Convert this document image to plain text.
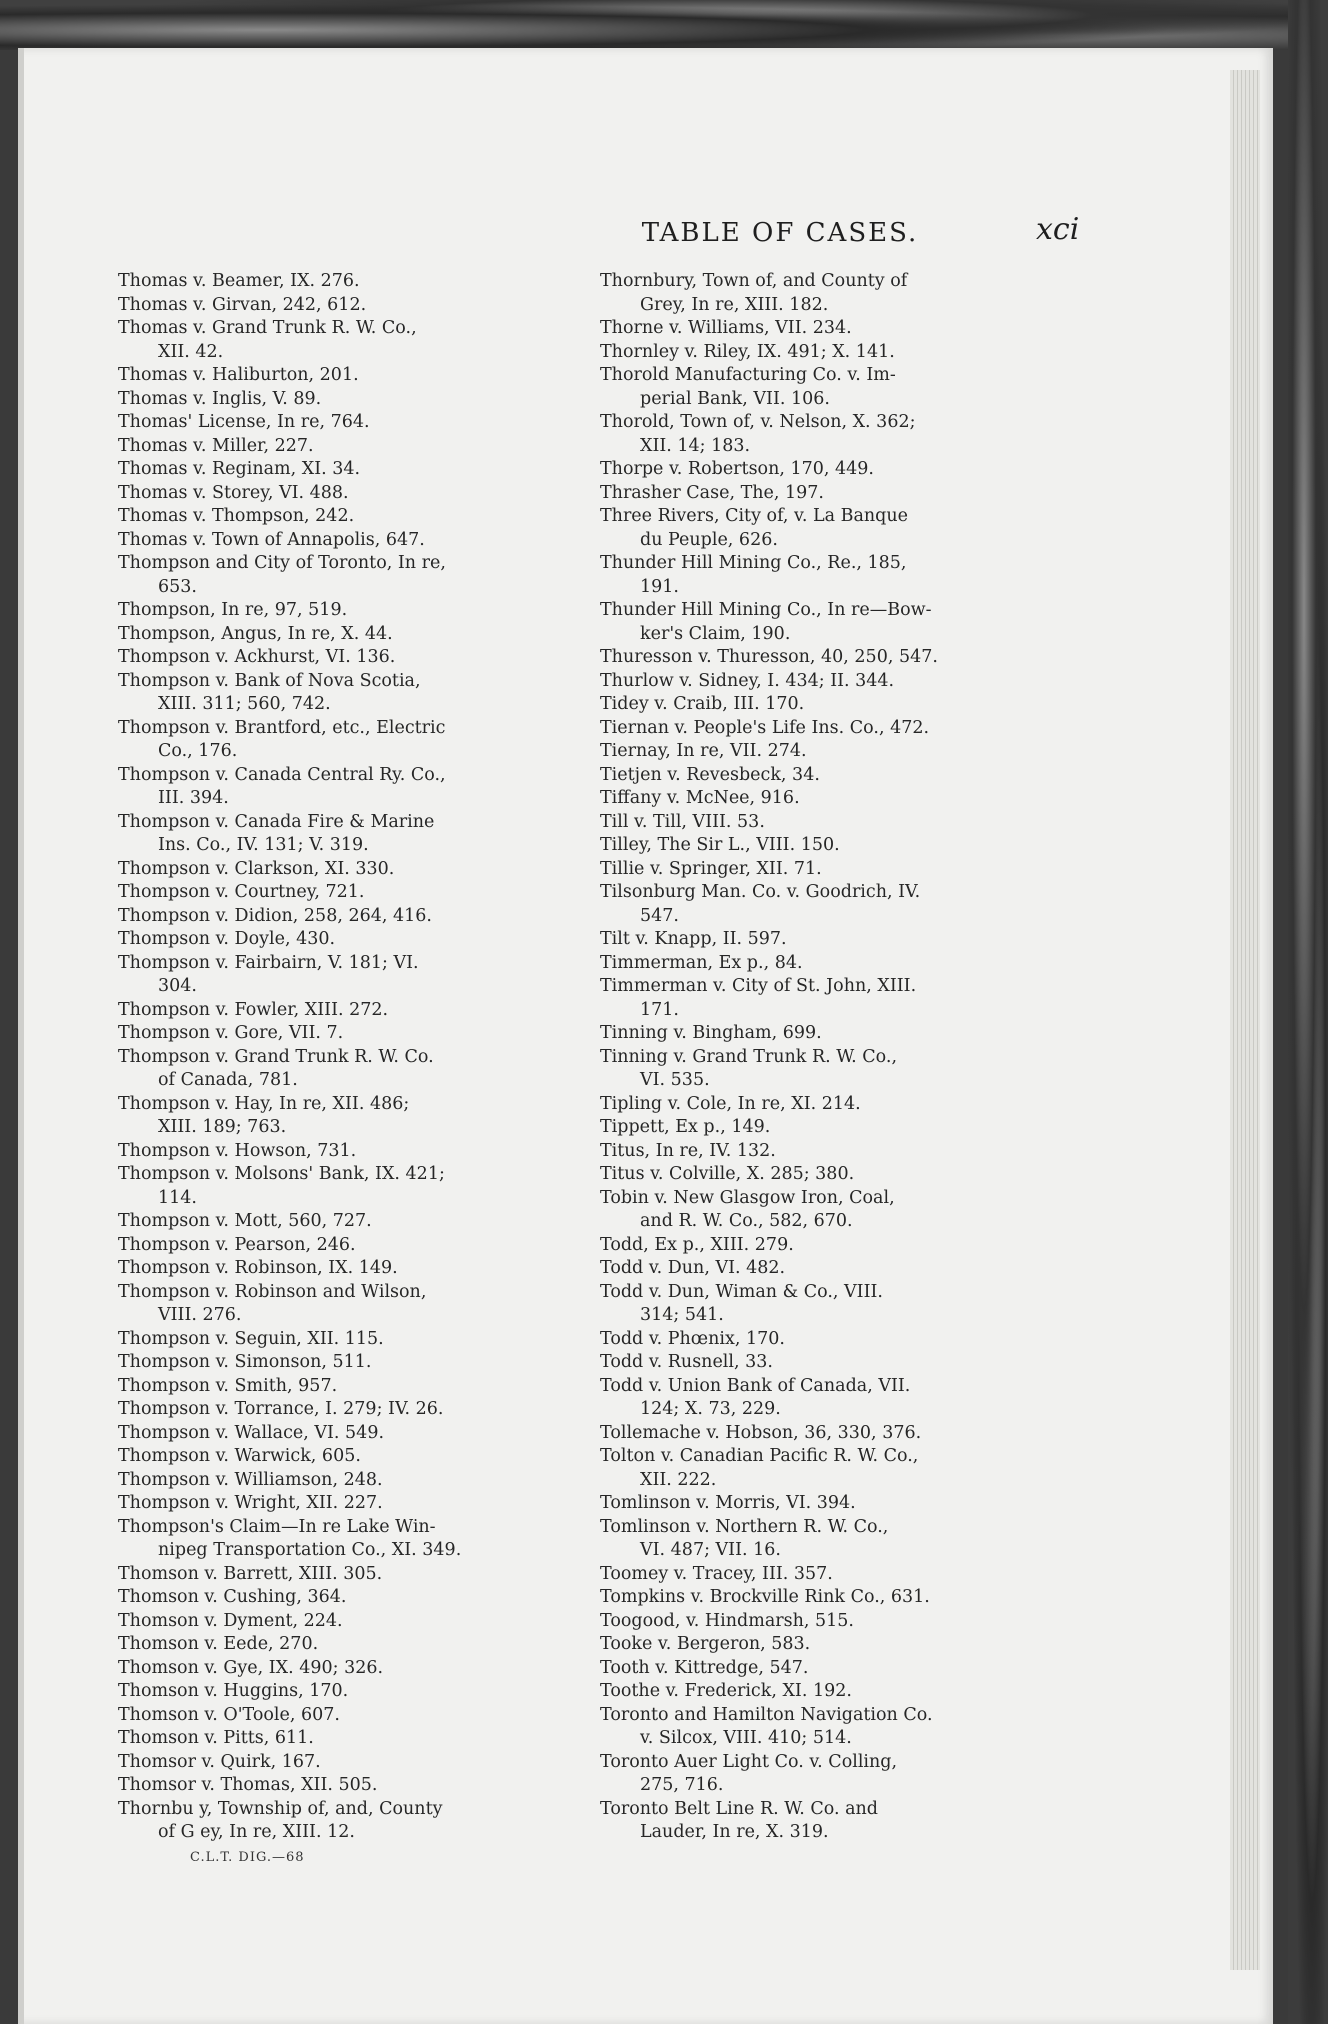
TABLE OF CASES.	xci

Thomas v. Beamer, IX. 276.

Thomas v. Girvan, 242, 612.

Thomas v. Grand Trunk R. W. Co.,
XII. 42.

Thomas v. Haliburton, 201.

Thomas v. Inglis, V. 89.

Thomas' License, In re, 764.

Thomas v. Miller, 227.

Thomas v. Reginam, XI. 34.

Thomas v. Storey, VI. 488.

Thomas v. Thompson, 242.

Thomas v. Town of Annapolis, 647.

Thompson and City of Toronto, In re,
653.

Thompson, In re, 97, 519.

Thompson, Angus, In re, X. 44.

Thompson v. Ackhurst, VI. 136.

Thompson v. Bank of Nova Scotia,
XIII. 311; 560, 742.

Thompson v. Brantford, etc., Electric
Co., 176.

Thompson v. Canada Central Ry. Co.,
III. 394.

Thompson v. Canada Fire & Marine
Ins. Co., IV. 131; V. 319.

Thompson v. Clarkson, XI. 330.

Thompson v. Courtney, 721.

Thompson v. Didion, 258, 264, 416.

Thompson v. Doyle, 430.

Thompson v. Fairbairn, V. 181; VI.
304.

Thompson v. Fowler, XIII. 272.

Thompson v. Gore, VII. 7.

Thompson v. Grand Trunk R. W. Co.
of Canada, 781.

Thompson v. Hay, In re, XII. 486;
XIII. 189; 763.

Thompson v. Howson, 731.

Thompson v. Molsons' Bank, IX. 421;
114.

Thompson v. Mott, 560, 727.

Thompson v. Pearson, 246.

Thompson v. Robinson, IX. 149.

Thompson v. Robinson and Wilson,
VIII. 276.

Thompson v. Seguin, XII. 115.

Thompson v. Simonson, 511.

Thompson v. Smith, 957.

Thompson v. Torrance, I. 279; IV. 26.

Thompson v. Wallace, VI. 549.

Thompson v. Warwick, 605.

Thompson v. Williamson, 248.

Thompson v. Wright, XII. 227.

Thompson's Claim—In re Lake Win-
nipeg Transportation Co., XI. 349.

Thomson v. Barrett, XIII. 305.

Thomson v. Cushing, 364.

Thomson v. Dyment, 224.

Thomson v. Eede, 270.

Thomson v. Gye, IX. 490; 326.

Thomson v. Huggins, 170.

Thomson v. O'Toole, 607.

Thomson v. Pitts, 611.

Thomsor v. Quirk, 167.

Thomsor v. Thomas, XII. 505.

Thornbu y, Township of, and, County
of G ey, In re, XIII. 12.

Thornbury, Town of, and County of
Grey, In re, XIII. 182.

Thorne v. Williams, VII. 234.

Thornley v. Riley, IX. 491; X. 141.

Thorold Manufacturing Co. v. Im-
perial Bank, VII. 106.

Thorold, Town of, v. Nelson, X. 362;
XII. 14; 183.

Thorpe v. Robertson, 170, 449.

Thrasher Case, The, 197.

Three Rivers, City of, v. La Banque
du Peuple, 626.

Thunder Hill Mining Co., Re., 185,
191.

Thunder Hill Mining Co., In re—Bow-
ker's Claim, 190.

Thuresson v. Thuresson, 40, 250, 547.

Thurlow v. Sidney, I. 434; II. 344.

Tidey v. Craib, III. 170.

Tiernan v. People's Life Ins. Co., 472.

Tiernay, In re, VII. 274.

Tietjen v. Revesbeck, 34.

Tiffany v. McNee, 916.

Till v. Till, VIII. 53.

Tilley, The Sir L., VIII. 150.

Tillie v. Springer, XII. 71.

Tilsonburg Man. Co. v. Goodrich, IV.
547.

Tilt v. Knapp, II. 597.

Timmerman, Ex p., 84.

Timmerman v. City of St. John, XIII.
171.

Tinning v. Bingham, 699.

Tinning v. Grand Trunk R. W. Co.,
VI. 535.

Tipling v. Cole, In re, XI. 214.

Tippett, Ex p., 149.

Titus, In re, IV. 132.

Titus v. Colville, X. 285; 380.

Tobin v. New Glasgow Iron, Coal,
and R. W. Co., 582, 670.

Todd, Ex p., XIII. 279.

Todd v. Dun, VI. 482.

Todd v. Dun, Wiman & Co., VIII.
314; 541.

Todd v. Phœnix, 170.

Todd v. Rusnell, 33.

Todd v. Union Bank of Canada, VII.
124; X. 73, 229.

Tollemache v. Hobson, 36, 330, 376.

Tolton v. Canadian Pacific R. W. Co.,
XII. 222.

Tomlinson v. Morris, VI. 394.

Tomlinson v. Northern R. W. Co.,
VI. 487; VII. 16.

Toomey v. Tracey, III. 357.

Tompkins v. Brockville Rink Co., 631.

Toogood, v. Hindmarsh, 515.

Tooke v. Bergeron, 583.

Tooth v. Kittredge, 547.

Toothe v. Frederick, XI. 192.

Toronto and Hamilton Navigation Co.
v. Silcox, VIII. 410; 514.

Toronto Auer Light Co. v. Colling,
275, 716.

Toronto Belt Line R. W. Co. and
Lauder, In re, X. 319.

C.L.T. DIG.—68
